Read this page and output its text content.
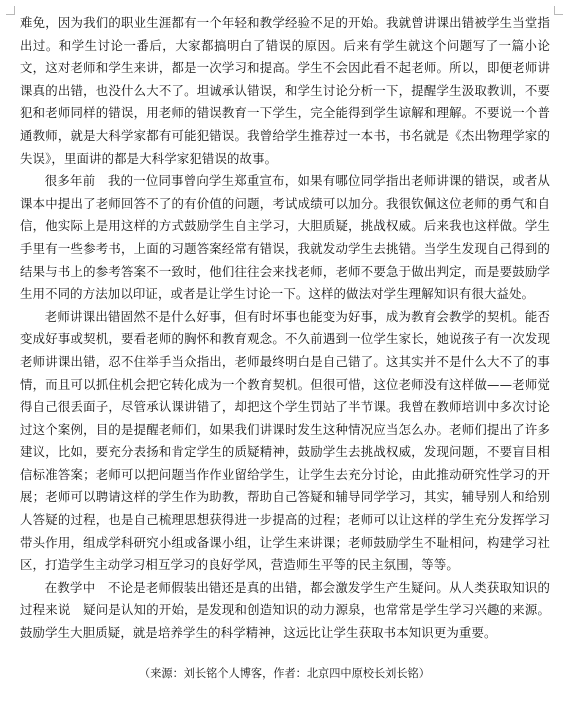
难免，因为我们的职业生涯都有一个年轻和教学经验不足的开始。我就曾讲课出错被学生当堂指出过。和学生讨论一番后，大家都搞明白了错误的原因。后来有学生就这个问题写了一篇小论文，这对老师和学生来讲，都是一次学习和提高。学生不会因此看不起老师。所以，即便老师讲课真的出错，也没什么大不了。坦诚承认错误，和学生讨论分析一下，提醒学生汲取教训，不要犯和老师同样的错误，用老师的错误教育一下学生，完全能得到学生谅解和理解。不要说一个普通教师，就是大科学家都有可能犯错误。我曾给学生推荐过一本书，书名就是《杰出物理学家的失误》，里面讲的都是大科学家犯错误的故事。

很多年前　我的一位同事曾向学生郑重宣布，如果有哪位同学指出老师讲课的错误，或者从课本中提出了老师回答不了的有价值的问题，考试成绩可以加分。我很钦佩这位老师的勇气和自信，他实际上是用这样的方式鼓励学生自主学习，大胆质疑，挑战权威。后来我也这样做。学生手里有一些参考书，上面的习题答案经常有错误，我就发动学生去挑错。当学生发现自己得到的结果与书上的参考答案不一致时，他们往往会来找老师，老师不要急于做出判定，而是要鼓励学生用不同的方法加以印证，或者是让学生讨论一下。这样的做法对学生理解知识有很大益处。

老师讲课出错固然不是什么好事，但有时坏事也能变为好事，成为教育会教学的契机。能否变成好事或契机，要看老师的胸怀和教育观念。不久前遇到一位学生家长，她说孩子有一次发现老师讲课出错，忍不住举手当众指出，老师最终明白是自己错了。这其实并不是什么大不了的事情，而且可以抓住机会把它转化成为一个教育契机。但很可惜，这位老师没有这样做——老师觉得自己很丢面子，尽管承认课讲错了，却把这个学生罚站了半节课。我曾在教师培训中多次讨论过这个案例，目的是提醒老师们，如果我们讲课时发生这种情况应当怎么办。老师们提出了许多建议，比如，要充分表扬和肯定学生的质疑精神，鼓励学生去挑战权威，发现问题，不要盲目相信标准答案；老师可以把问题当作作业留给学生，让学生去充分讨论，由此推动研究性学习的开展；老师可以聘请这样的学生作为助教，帮助自己答疑和辅导同学学习，其实，辅导别人和给别人答疑的过程，也是自己梳理思想获得进一步提高的过程；老师可以让这样的学生充分发挥学习带头作用，组成学科研究小组或备课小组，让学生来讲课；老师鼓励学生不耻相问，构建学习社区，打造学生主动学习相互学习的良好学风，营造师生平等的民主氛围，等等。

在教学中　不论是老师假装出错还是真的出错，都会激发学生产生疑问。从人类获取知识的过程来说　疑问是认知的开始，是发现和创造知识的动力源泉，也常常是学生学习兴趣的来源。鼓励学生大胆质疑，就是培养学生的科学精神，这远比让学生获取书本知识更为重要。

（来源：刘长铭个人博客，作者：北京四中原校长刘长铭）
